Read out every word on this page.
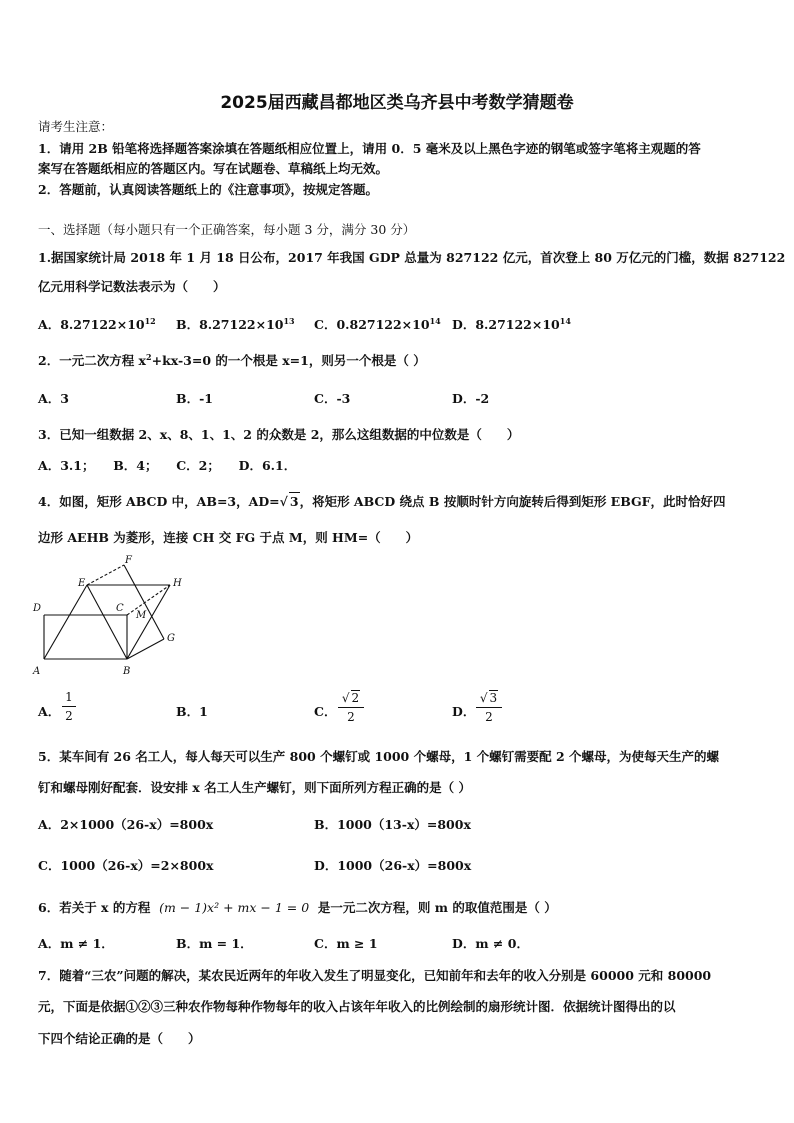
2025届西藏昌都地区类乌齐县中考数学猜题卷
请考生注意：
1．请用 2B 铅笔将选择题答案涂填在答题纸相应位置上，请用 0．5 毫米及以上黑色字迹的钢笔或签字笔将主观题的答
案写在答题纸相应的答题区内。写在试题卷、草稿纸上均无效。
2．答题前，认真阅读答题纸上的《注意事项》，按规定答题。
一、选择题（每小题只有一个正确答案，每小题 3 分，满分 30 分）
1.据国家统计局 2018 年 1 月 18 日公布，2017 年我国 GDP 总量为 827122 亿元，首次登上 80 万亿元的门槛，数据 827122
亿元用科学记数法表示为（　　）
A．$8.27122\times 10^{12}$ B．$8.27122\times 10^{13}$ C．$0.827122\times 10^{14}$ D．$8.27122\times 10^{14}$
2．一元二次方程 $x^2+kx-3=0$ 的一个根是 x=1，则另一个根是（ ）
A．3	B．-1	C．-3	D．-2
3．已知一组数据 2、x、8、1、1、2 的众数是 2，那么这组数据的中位数是（　　）
A．3.1；　　B．4；　　C．2；　　D．6.1．
4．如图，矩形 ABCD 中，AB=3，AD=√ 3，将矩形 ABCD 绕点 B 按顺时针方向旋转后得到矩形 EBGF，此时恰好四
边形 AEHB 为菱形，连接 CH 交 FG 于点 M，则 HM=（　　）
A	B
C
D
E
F
G
H
M
A．
1
2	B．1	C．
√ 2
2	D．
√ 3
2
5．某车间有 26 名工人，每人每天可以生产 800 个螺钉或 1000 个螺母，1 个螺钉需要配 2 个螺母，为使每天生产的螺
钉和螺母刚好配套．设安排 x 名工人生产螺钉，则下面所列方程正确的是（ ）
A．2×1000（26-x）=800x	B．1000（13-x）=800x
C．1000（26-x）=2×800x	D．1000（26-x）=800x
6．若关于 x 的方程 (m − 1)x² + mx − 1 = 0 是一元二次方程，则 m 的取值范围是（ ）
A．m ≠ 1．	B．m = 1．	C．m ≥ 1	D．m ≠ 0．
7．随着“三农”问题的解决，某农民近两年的年收入发生了明显变化，已知前年和去年的收入分别是 60000 元和 80000
元，下面是依据①②③三种农作物每种作物每年的收入占该年年收入的比例绘制的扇形统计图．依据统计图得出的以
下四个结论正确的是（　　）
